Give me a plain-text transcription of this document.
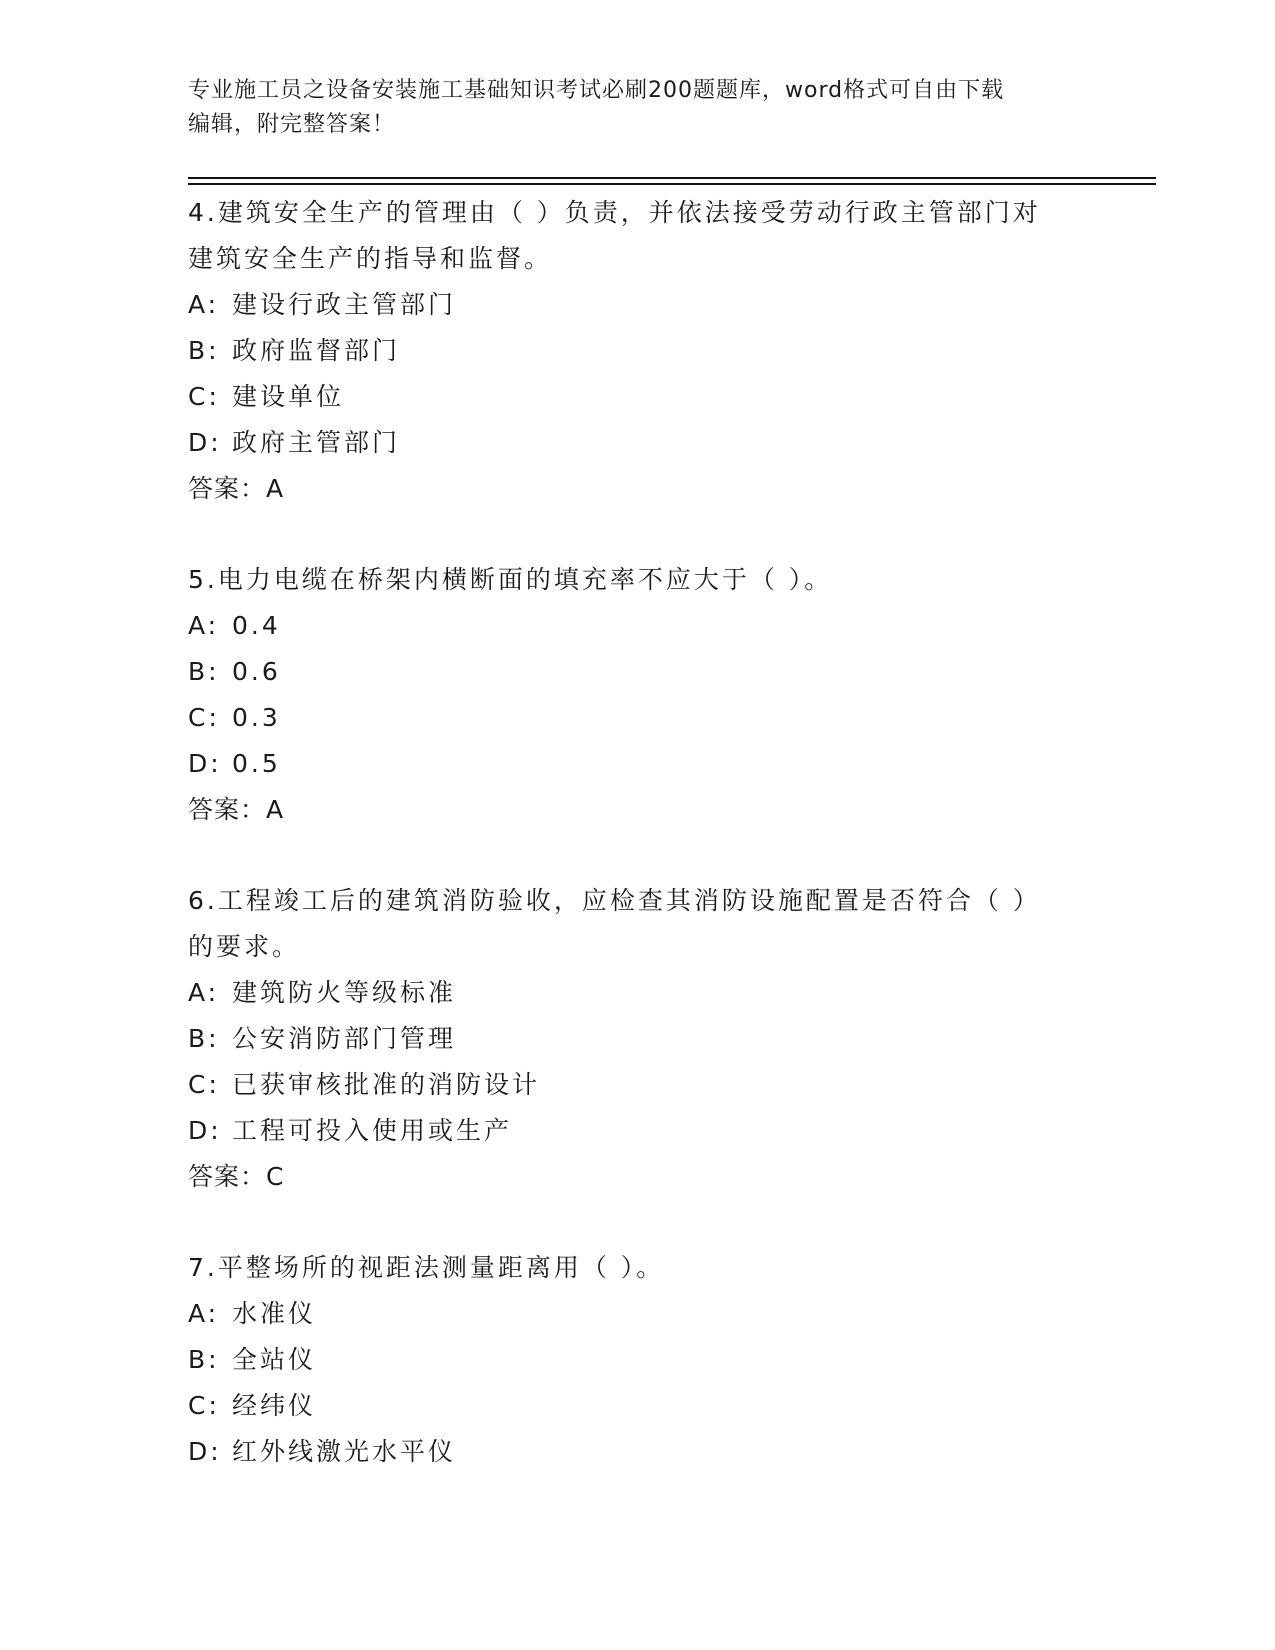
专业施工员之设备安装施工基础知识考试必刷200题题库，word格式可自由下载
编辑，附完整答案！
4.建筑安全生产的管理由（ ）负责，并依法接受劳动行政主管部门对
建筑安全生产的指导和监督。
A: 建设行政主管部门
B: 政府监督部门
C: 建设单位
D: 政府主管部门
答案：A
5.电力电缆在桥架内横断面的填充率不应大于（ ）。
A: 0.4
B: 0.6
C: 0.3
D: 0.5
答案：A
6.工程竣工后的建筑消防验收，应检查其消防设施配置是否符合（ ）
的要求。
A: 建筑防火等级标准
B: 公安消防部门管理
C: 已获审核批准的消防设计
D: 工程可投入使用或生产
答案：C
7.平整场所的视距法测量距离用（ ）。
A: 水准仪
B: 全站仪
C: 经纬仪
D: 红外线激光水平仪
